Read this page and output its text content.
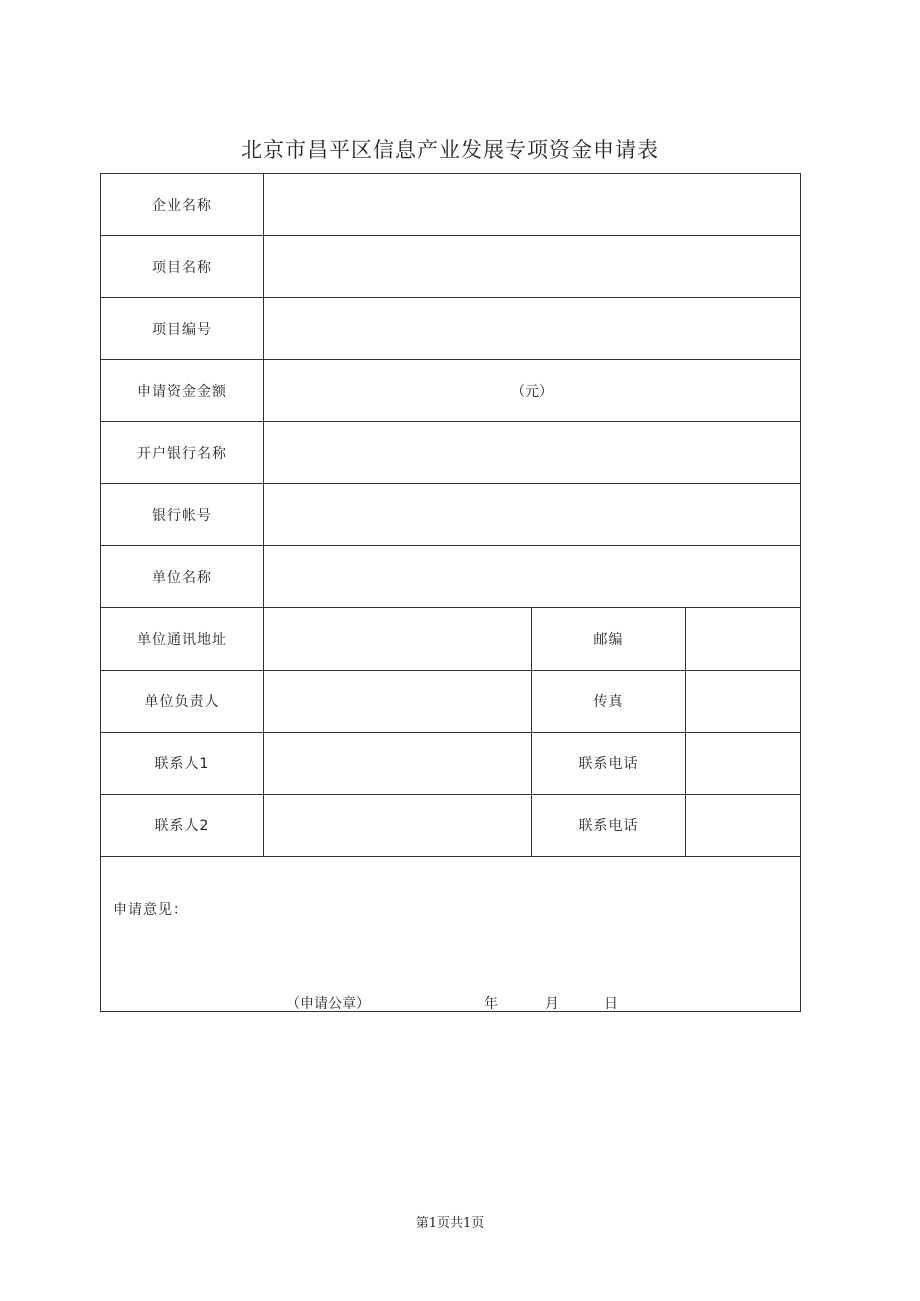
北京市昌平区信息产业发展专项资金申请表
企业名称			
项目名称			
项目编号			
申请资金金额	（元）		
开户银行名称			
银行帐号			
单位名称			
单位通讯地址		邮编	
单位负责人		传真	
联系人1		联系电话	
联系人2		联系电话	

申请意见：
（申请公章） 年 月 日			
第1页共1页
